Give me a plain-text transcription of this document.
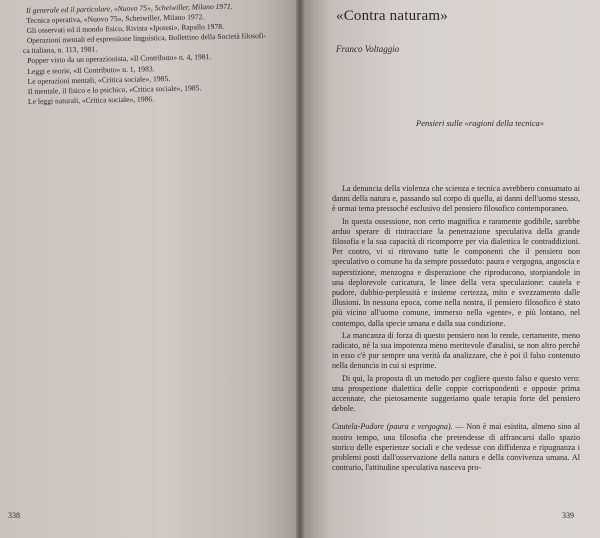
Il generale ed il particolare, «Nuovo 75», Scheiwiller, Milano 1971.
Tecnica operativa, «Nuovo 75», Scheiwiller, Milano 1972.
Gli osservati ed il mondo fisico, Rivista «Ipotesi», Rapallo 1978.
Operazioni mentali ed espressione linguistica, Bollettino della Società filosofi-
ca italiana, n. 113, 1981.
Popper visto da un operazionista, «Il Contributo» n. 4, 1981.
Leggi e teorie, «Il Contributo» n. 1, 1983.
Le operazioni mentali, «Critica sociale», 1985.
Il mentale, il fisico e lo psichico, «Critica sociale», 1985.
Le leggi naturali, «Critica sociale», 1986.
338
«Contra naturam»
Franco Voltaggio
Pensieri sulle «ragioni della tecnica»

La denuncia della violenza che scienza e tecnica avrebbero consumato ai danni della natura e, passando sul corpo di quella, ai danni dell'uomo stesso, è ormai tema pressoché esclusivo del pensiero filosofico contemporaneo.

In questa ossessione, non certo magnifica e raramente godibile, sarebbe arduo sperare di rintracciare la penetrazione speculativa della grande filosofia e la sua capacità di ricomporre per via dialettica le contraddizioni. Per contro, vi si ritrovano tutte le componenti che il pensiero non speculativo o comune ha da sempre posseduto: paura e vergogna, angoscia e superstizione, menzogna e disperazione che riproducono, storpiandole in una deplorevole caricatura, le linee della vera speculazione: cautela e pudore, dubbio-perplessità e insieme certezza, mito e svezzamento dalle illusioni. In nessuna epoca, come nella nostra, il pensiero filosofico è stato più vicino all'uomo comune, immerso nella «gente», e più lontano, nel contempo, dalla specie umana e dalla sua condizione.

La mancanza di forza di questo pensiero non lo rende, certamente, meno radicato, né la sua impotenza meno meritevole d'analisi, se non altro perché in esso c'è pur sempre una verità da analizzare, che è poi il falso contenuto nella denuncia in cui si esprime.

Di qui, la proposta di un metodo per cogliere questo falso e questo vero: una prospezione dialettica delle coppie corrispondenti e opposte prima accennate, che pietosamente suggeriamo quale terapia forte del pensiero debole.

Cautela-Pudore (paura e vergogna). — Non è mai esistita, almeno sino al nostro tempo, una filosofia che pretendesse di affrancarsi dallo spazio storico delle esperienze sociali e che vedesse con diffidenza e ripugnanza i problemi posti dall'osservazione della natura e della convivenza umana. Al contrario, l'attitudine speculativa nasceva pro-

339
